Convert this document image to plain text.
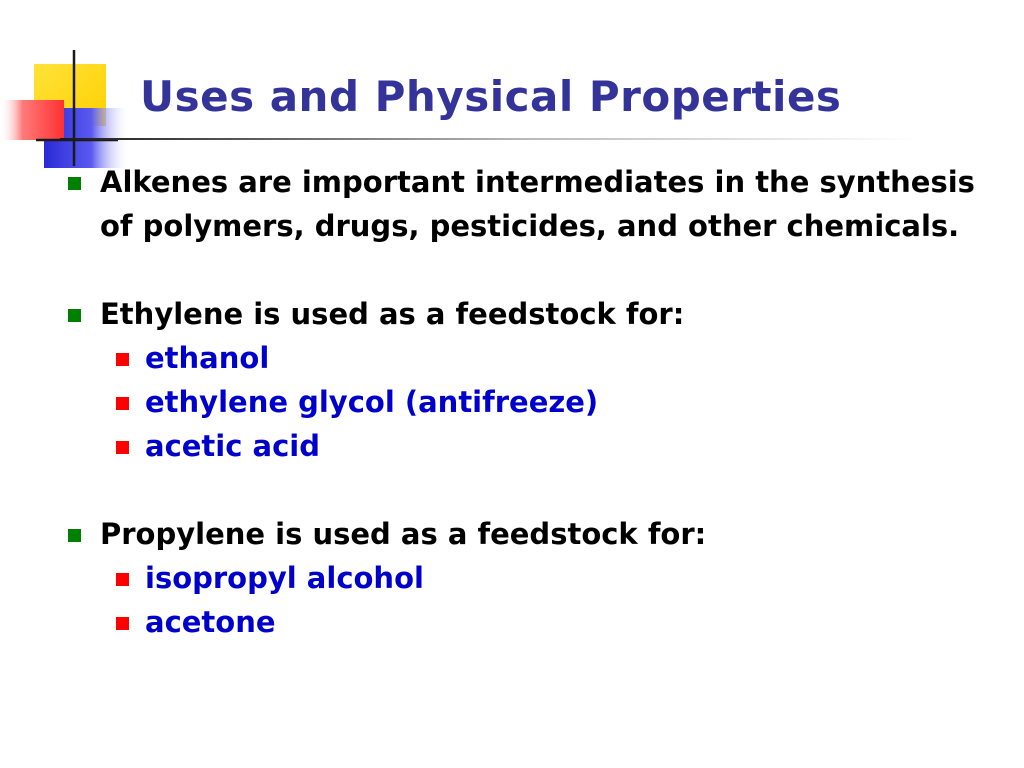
Uses and Physical Properties
Alkenes are important intermediates in the synthesis of polymers, drugs, pesticides, and other chemicals.
Ethylene is used as a feedstock for:
ethanol
ethylene glycol (antifreeze)
acetic acid
Propylene is used as a feedstock for:
isopropyl alcohol
acetone
